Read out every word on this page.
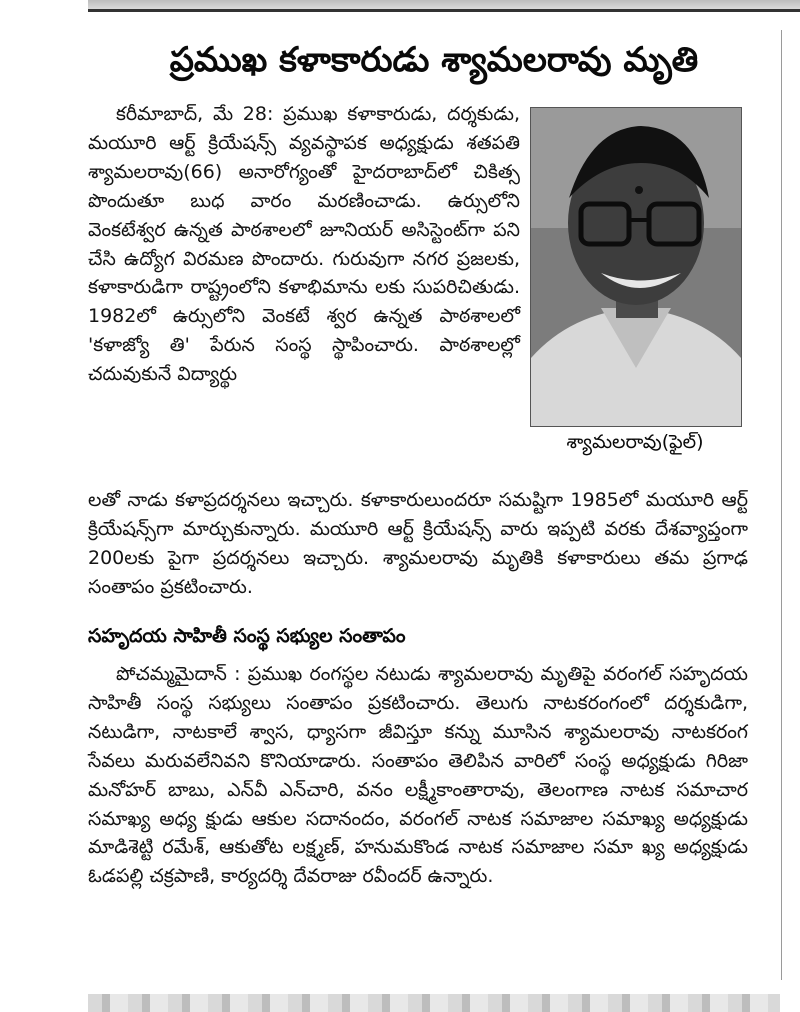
ప్రముఖ కళాకారుడు శ్యామలరావు మృతి

కరీమాబాద్, మే 28: ప్రముఖ కళాకారుడు, దర్శకుడు, మయూరి ఆర్ట్ క్రియేషన్స్ వ్యవస్థాపక అధ్యక్షుడు శతపతి శ్యామలరావు(66) అనారోగ్యంతో హైదరాబాద్‌లో చికిత్స పొందుతూ బుధ వారం మరణించాడు. ఉర్సులోని వెంకటేశ్వర ఉన్నత పాఠశాలలో జూనియర్ అసిస్టెంట్‌గా పని చేసి ఉద్యోగ విరమణ పొందారు. గురువుగా నగర ప్రజలకు, కళాకారుడిగా రాష్ట్రంలోని కళాభిమాను లకు సుపరిచితుడు. 1982లో ఉర్సులోని వెంకటే శ్వర ఉన్నత పాఠశాలలో 'కళాజ్యో తి' పేరున సంస్థ స్థాపించారు. పాఠశాలల్లో చదువుకునే విద్యార్థు

శ్యామలరావు(ఫైల్)

లతో నాడు కళాప్రదర్శనలు ఇచ్చారు. కళాకారులుందరూ సమష్టిగా 1985లో మయూరి ఆర్ట్ క్రియేషన్స్‌గా మార్చుకున్నారు. మయూరి ఆర్ట్ క్రియేషన్స్ వారు ఇప్పటి వరకు దేశవ్యాప్తంగా 200లకు పైగా ప్రదర్శనలు ఇచ్చారు. శ్యామలరావు మృతికి కళాకారులు తమ ప్రగాఢ సంతాపం ప్రకటించారు.

సహృదయ సాహితీ సంస్థ సభ్యుల సంతాపం

పోచమ్మమైదాన్ : ప్రముఖ రంగస్థల నటుడు శ్యామలరావు మృతిపై వరంగల్ సహృదయ సాహితీ సంస్థ సభ్యులు సంతాపం ప్రకటించారు. తెలుగు నాటకరంగంలో దర్శకుడిగా, నటుడిగా, నాటకాలే శ్వాస, ధ్యాసగా జీవిస్తూ కన్ను మూసిన శ్యామలరావు నాటకరంగ సేవలు మరువలేనివని కొనియాడారు. సంతాపం తెలిపిన వారిలో సంస్థ అధ్యక్షుడు గిరిజా మనోహర్ బాబు, ఎన్‌వీ ఎన్‌చారి, వనం లక్ష్మీకాంతారావు, తెలంగాణ నాటక సమాచార సమాఖ్య అధ్య క్షుడు ఆకుల సదానందం, వరంగల్ నాటక సమాజాల సమాఖ్య అధ్యక్షుడు మాడిశెట్టి రమేశ్, ఆకుతోట లక్ష్మణ్, హనుమకొండ నాటక సమాజాల సమా ఖ్య అధ్యక్షుడు ఓడపల్లి చక్రపాణి, కార్యదర్శి దేవరాజు రవీందర్ ఉన్నారు.
